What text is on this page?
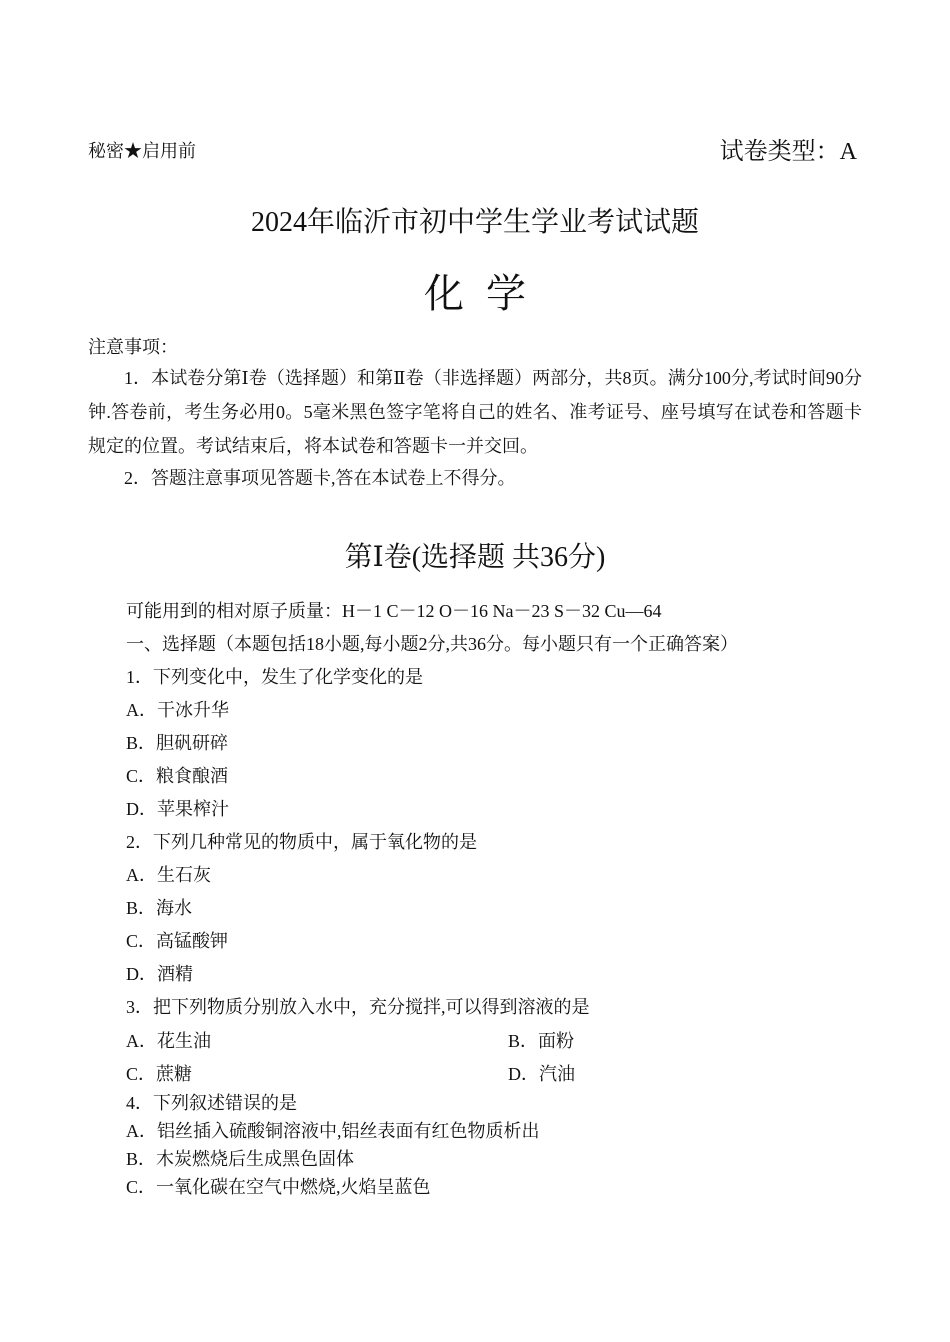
秘密★启用前	试卷类型：A
2024年临沂市初中学生学业考试试题
化学
注意事项：
1．本试卷分第Ⅰ卷（选择题）和第Ⅱ卷（非选择题）两部分，共8页。满分100分,考试时间90分钟.答卷前，考生务必用0。5毫米黑色签字笔将自己的姓名、准考证号、座号填写在试卷和答题卡规定的位置。考试结束后，将本试卷和答题卡一并交回。
2．答题注意事项见答题卡,答在本试卷上不得分。
第Ⅰ卷(选择题 共36分)
可能用到的相对原子质量：H－1 C－12 O－16 Na－23 S－32 Cu—64
一、选择题（本题包括18小题,每小题2分,共36分。每小题只有一个正确答案）
1．下列变化中，发生了化学变化的是
A．干冰升华
B．胆矾研碎
C．粮食酿酒
D．苹果榨汁
2．下列几种常见的物质中，属于氧化物的是
A．生石灰
B．海水
C．高锰酸钾
D．酒精
3．把下列物质分别放入水中，充分搅拌,可以得到溶液的是
A．花生油	B．面粉
C．蔗糖	D．汽油
4．下列叙述错误的是
A．铝丝插入硫酸铜溶液中,铝丝表面有红色物质析出
B．木炭燃烧后生成黑色固体
C．一氧化碳在空气中燃烧,火焰呈蓝色
